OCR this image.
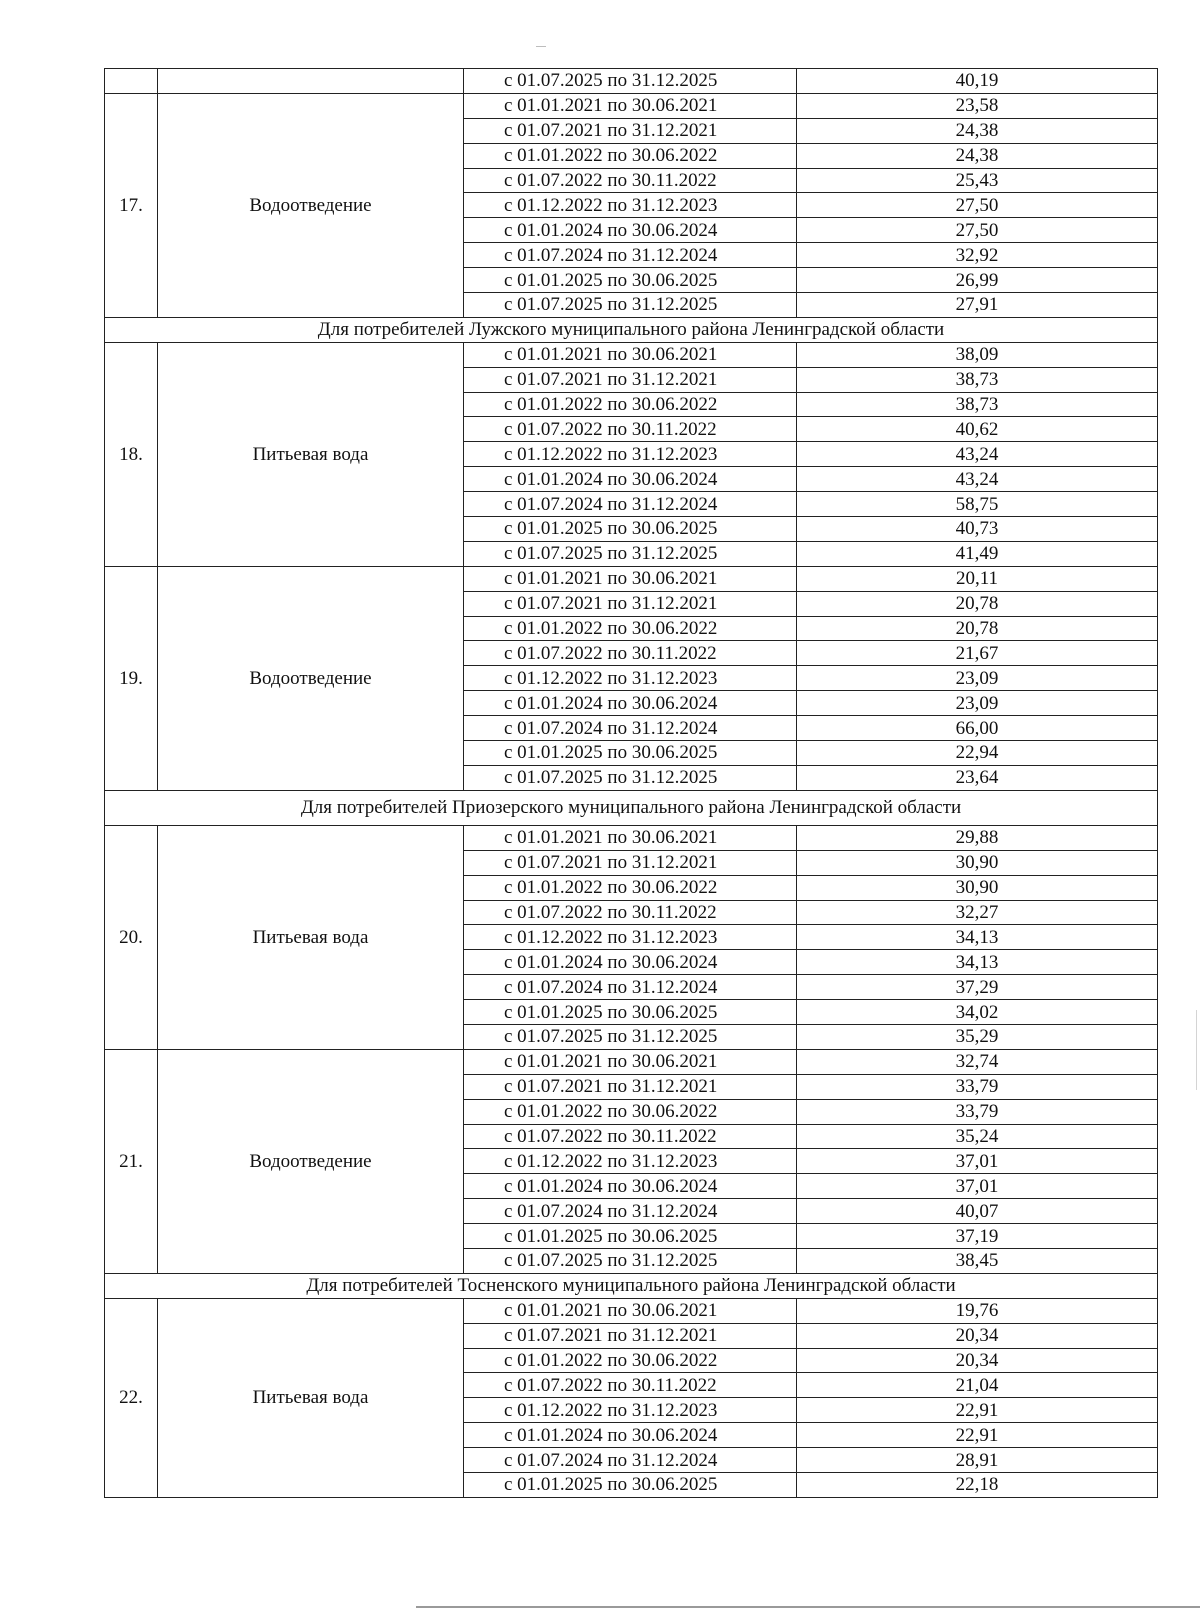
		с 01.07.2025 по 31.12.2025	40,19
17.	Водоотведение	с 01.01.2021 по 30.06.2021	23,58
		с 01.07.2021 по 31.12.2021	24,38
		с 01.01.2022 по 30.06.2022	24,38
		с 01.07.2022 по 30.11.2022	25,43
		с 01.12.2022 по 31.12.2023	27,50
		с 01.01.2024 по 30.06.2024	27,50
		с 01.07.2024 по 31.12.2024	32,92
		с 01.01.2025 по 30.06.2025	26,99
		с 01.07.2025 по 31.12.2025	27,91
Для потребителей Лужского муниципального района Ленинградской области			
18.	Питьевая вода	с 01.01.2021 по 30.06.2021	38,09
		с 01.07.2021 по 31.12.2021	38,73
		с 01.01.2022 по 30.06.2022	38,73
		с 01.07.2022 по 30.11.2022	40,62
		с 01.12.2022 по 31.12.2023	43,24
		с 01.01.2024 по 30.06.2024	43,24
		с 01.07.2024 по 31.12.2024	58,75
		с 01.01.2025 по 30.06.2025	40,73
		с 01.07.2025 по 31.12.2025	41,49
19.	Водоотведение	с 01.01.2021 по 30.06.2021	20,11
		с 01.07.2021 по 31.12.2021	20,78
		с 01.01.2022 по 30.06.2022	20,78
		с 01.07.2022 по 30.11.2022	21,67
		с 01.12.2022 по 31.12.2023	23,09
		с 01.01.2024 по 30.06.2024	23,09
		с 01.07.2024 по 31.12.2024	66,00
		с 01.01.2025 по 30.06.2025	22,94
		с 01.07.2025 по 31.12.2025	23,64
Для потребителей Приозерского муниципального района Ленинградской области			
20.	Питьевая вода	с 01.01.2021 по 30.06.2021	29,88
		с 01.07.2021 по 31.12.2021	30,90
		с 01.01.2022 по 30.06.2022	30,90
		с 01.07.2022 по 30.11.2022	32,27
		с 01.12.2022 по 31.12.2023	34,13
		с 01.01.2024 по 30.06.2024	34,13
		с 01.07.2024 по 31.12.2024	37,29
		с 01.01.2025 по 30.06.2025	34,02
		с 01.07.2025 по 31.12.2025	35,29
21.	Водоотведение	с 01.01.2021 по 30.06.2021	32,74
		с 01.07.2021 по 31.12.2021	33,79
		с 01.01.2022 по 30.06.2022	33,79
		с 01.07.2022 по 30.11.2022	35,24
		с 01.12.2022 по 31.12.2023	37,01
		с 01.01.2024 по 30.06.2024	37,01
		с 01.07.2024 по 31.12.2024	40,07
		с 01.01.2025 по 30.06.2025	37,19
		с 01.07.2025 по 31.12.2025	38,45
Для потребителей Тосненского муниципального района Ленинградской области			
22.	Питьевая вода	с 01.01.2021 по 30.06.2021	19,76
		с 01.07.2021 по 31.12.2021	20,34
		с 01.01.2022 по 30.06.2022	20,34
		с 01.07.2022 по 30.11.2022	21,04
		с 01.12.2022 по 31.12.2023	22,91
		с 01.01.2024 по 30.06.2024	22,91
		с 01.07.2024 по 31.12.2024	28,91
		с 01.01.2025 по 30.06.2025	22,18
